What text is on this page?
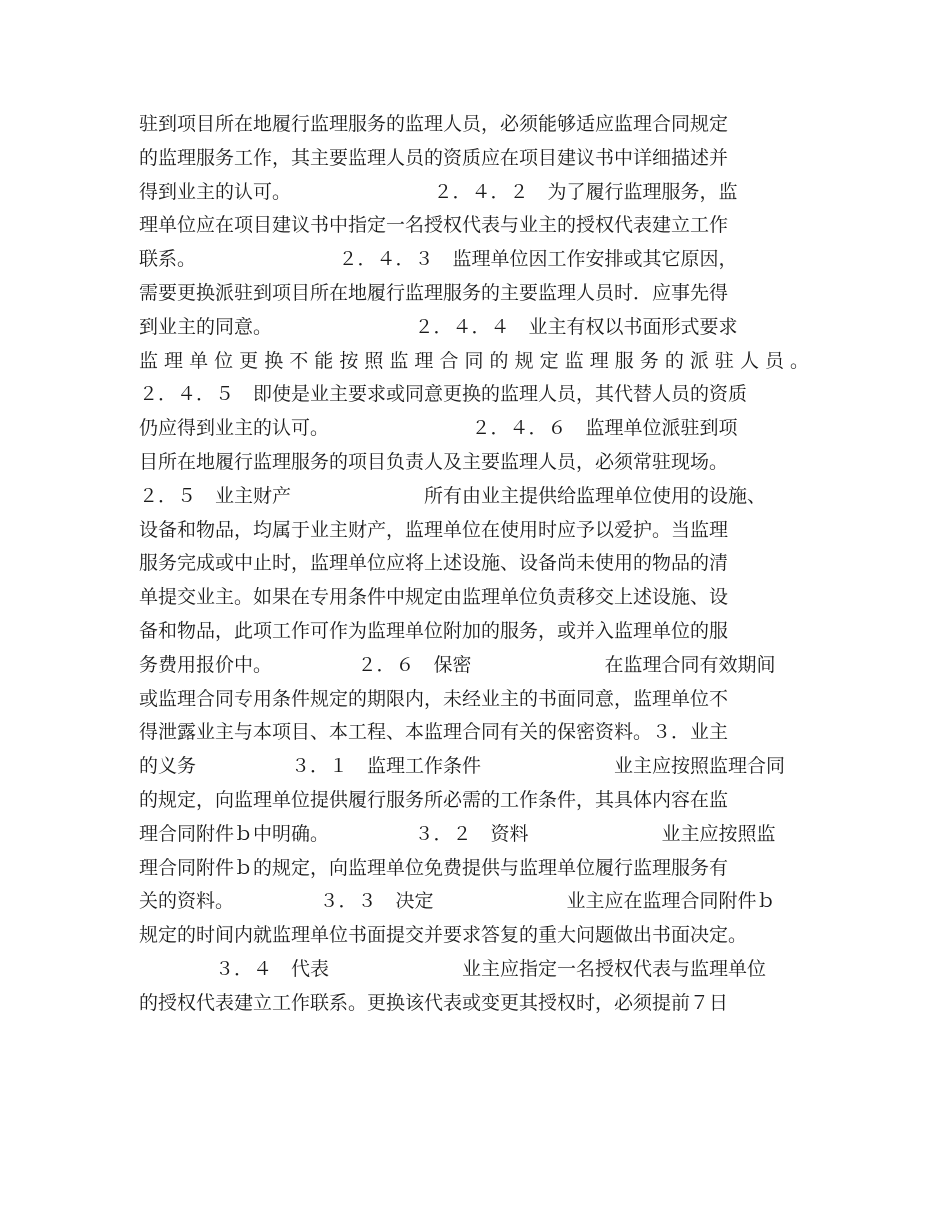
驻到项目所在地履行监理服务的监理人员，必须能够适应监理合同规定
的监理服务工作，其主要监理人员的资质应在项目建议书中详细描述并
得到业主的认可。　　　　　　　　２．４．２　为了履行监理服务，监
理单位应在项目建议书中指定一名授权代表与业主的授权代表建立工作
联系。　　　　　　　　２．４．３　监理单位因工作安排或其它原因，
需要更换派驻到项目所在地履行监理服务的主要监理人员时．应事先得
到业主的同意。　　　　　　　　２．４．４　业主有权以书面形式要求
监 理 单 位 更 换 不 能 按 照 监 理 合 同 的 规 定 监 理 服 务 的 派 驻 人 员 。
２．４．５　即使是业主要求或同意更换的监理人员，其代替人员的资质
仍应得到业主的认可。　　　　　　　　２．４．６　监理单位派驻到项
目所在地履行监理服务的项目负责人及主要监理人员，必须常驻现场。
２．５　业主财产　　　　　　　所有由业主提供给监理单位使用的设施、
设备和物品，均属于业主财产，监理单位在使用时应予以爱护。当监理
服务完成或中止时，监理单位应将上述设施、设备尚未使用的物品的清
单提交业主。如果在专用条件中规定由监理单位负责移交上述设施、设
备和物品，此项工作可作为监理单位附加的服务，或并入监理单位的服
务费用报价中。　　　　　２．６　保密　　　　　　　在监理合同有效期间
或监理合同专用条件规定的期限内，未经业主的书面同意，监理单位不
得泄露业主与本项目、本工程、本监理合同有关的保密资料。３．业主
的义务　　　　　３．１　监理工作条件　　　　　　　业主应按照监理合同
的规定，向监理单位提供履行服务所必需的工作条件，其具体内容在监
理合同附件ｂ中明确。　　　　　３．２　资料　　　　　　　业主应按照监
理合同附件ｂ的规定，向监理单位免费提供与监理单位履行监理服务有
关的资料。　　　　　３．３　决定　　　　　　　业主应在监理合同附件ｂ
规定的时间内就监理单位书面提交并要求答复的重大问题做出书面决定。
　　　　３．４　代表　　　　　　　业主应指定一名授权代表与监理单位
的授权代表建立工作联系。更换该代表或变更其授权时，必须提前７日
